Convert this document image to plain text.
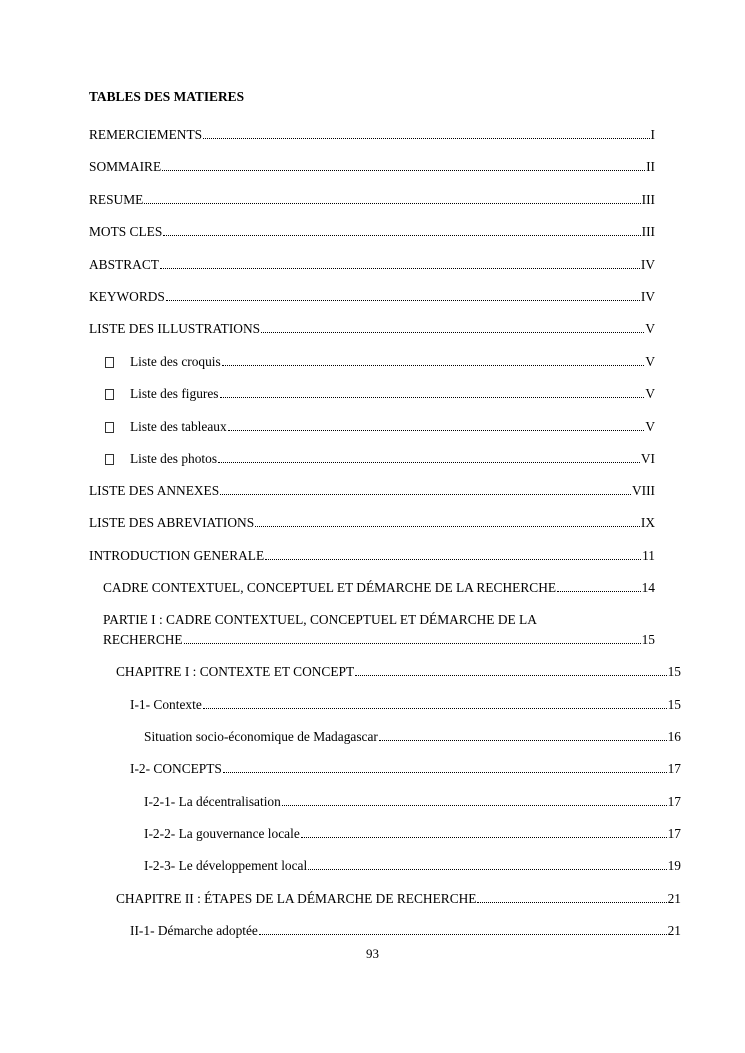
TABLES DES MATIERES
REMERCIEMENTS	I
SOMMAIRE	II
RESUME	III
MOTS CLES	III
ABSTRACT	IV
KEYWORDS	IV
LISTE DES ILLUSTRATIONS	V
Liste des croquis	V
Liste des figures	V
Liste des tableaux	V
Liste des photos	VI
LISTE DES ANNEXES	VIII
LISTE DES ABREVIATIONS	IX
INTRODUCTION GENERALE	11
CADRE CONTEXTUEL, CONCEPTUEL ET DÉMARCHE DE LA RECHERCHE	14
PARTIE I : CADRE CONTEXTUEL, CONCEPTUEL ET DÉMARCHE DE LA
RECHERCHE	15
CHAPITRE I : CONTEXTE ET CONCEPT	15
I-1- Contexte	15
Situation socio-économique de Madagascar	16
I-2- CONCEPTS	17
I-2-1- La décentralisation	17
I-2-2- La gouvernance locale	17
I-2-3- Le développement local	19
CHAPITRE II : ÉTAPES DE LA DÉMARCHE DE RECHERCHE	21
II-1- Démarche adoptée	21
93
